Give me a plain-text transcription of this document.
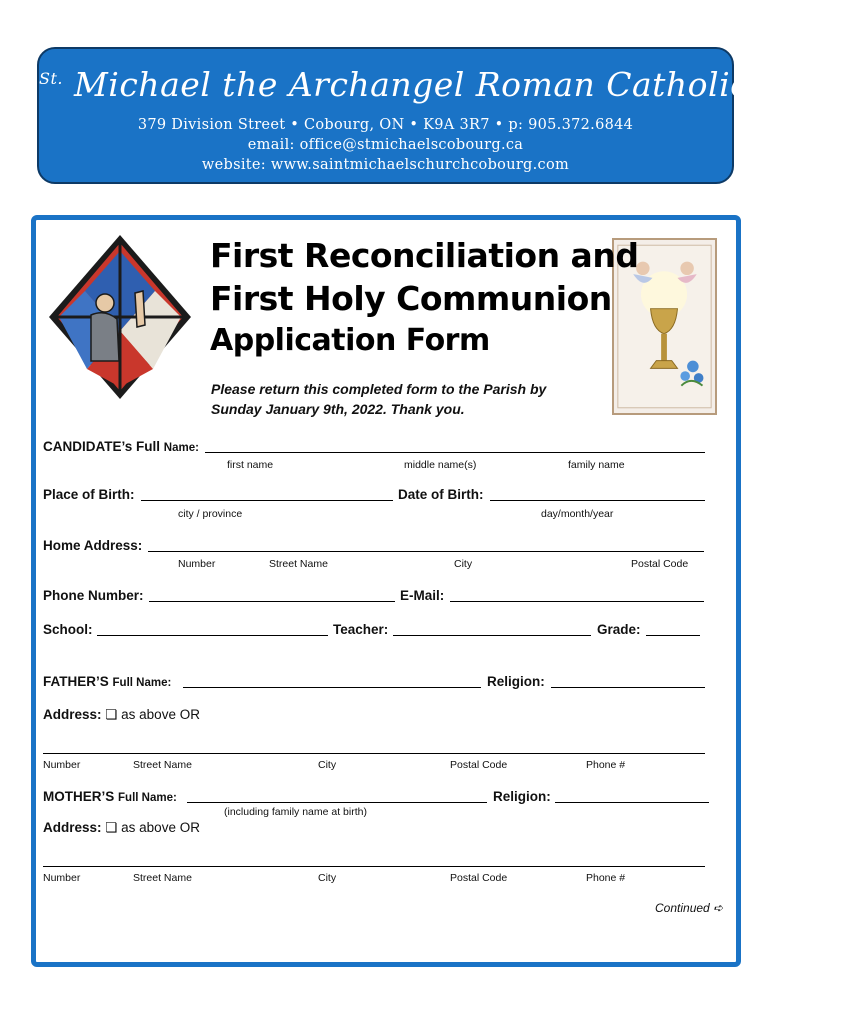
$^{St.}$ Michael the Archangel Roman Catholic Parish
379 Division Street • Cobourg, ON • K9A 3R7 • p: 905.372.6844
email: office@stmichaelscobourg.ca
website: www.saintmichaelschurchcobourg.com
First Reconciliation and
First Holy Communion
Application Form
Please return this completed form to the Parish by
Sunday January 9th, 2022. Thank you.
CANDIDATE’s Full Name:
first name	middle name(s)	family name
Place of Birth:	Date of Birth:
city / province	day/month/year
Home Address:
Number	Street Name	City	Postal Code
Phone Number:	E-Mail:
School:	Teacher:	Grade:
FATHER’S Full Name:	Religion:
Address: ❏ as above OR
Number	Street Name	City	Postal Code	Phone #
MOTHER’S Full Name:	Religion:
(including family name at birth)
Address: ❏ as above OR
Number	Street Name	City	Postal Code	Phone #
Continued ➪
